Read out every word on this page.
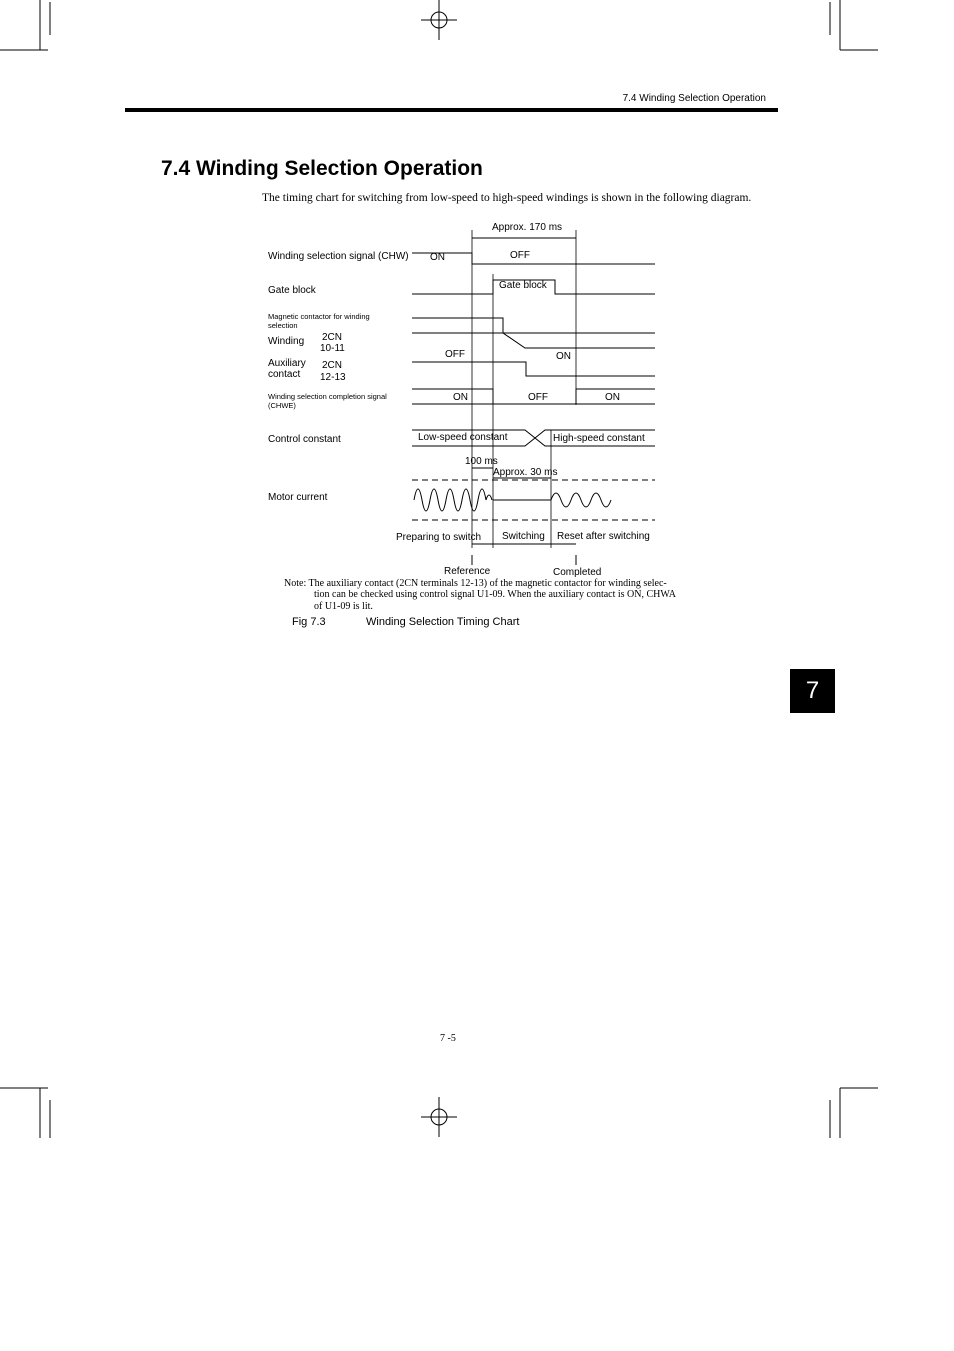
7.4 Winding Selection Operation
7.4 Winding Selection Operation
The timing chart for switching from low-speed to high-speed windings is shown in the following diagram.
Approx. 170 ms
Winding selection signal (CHW) ON	OFF
Gate block	Gate block
Magnetic contactor for winding
selection
Winding 2CN
10-11
OFF	ON
Auxiliary
contact
2CN
12-13
Winding selection completion signal
(CHWE)
ON	OFF	ON
Control constant	Low-speed constant	High-speed constant
100 ms
Approx. 30 ms
Motor current
Preparing to switch Switching Reset after switching
Reference	Completed
Note: The auxiliary contact (2CN terminals 12-13) of the magnetic contactor for winding selec-
tion can be checked using control signal U1-09. When the auxiliary contact is ON, CHWA
of U1-09 is lit.
Fig 7.3	Winding Selection Timing Chart
7
7 -5
